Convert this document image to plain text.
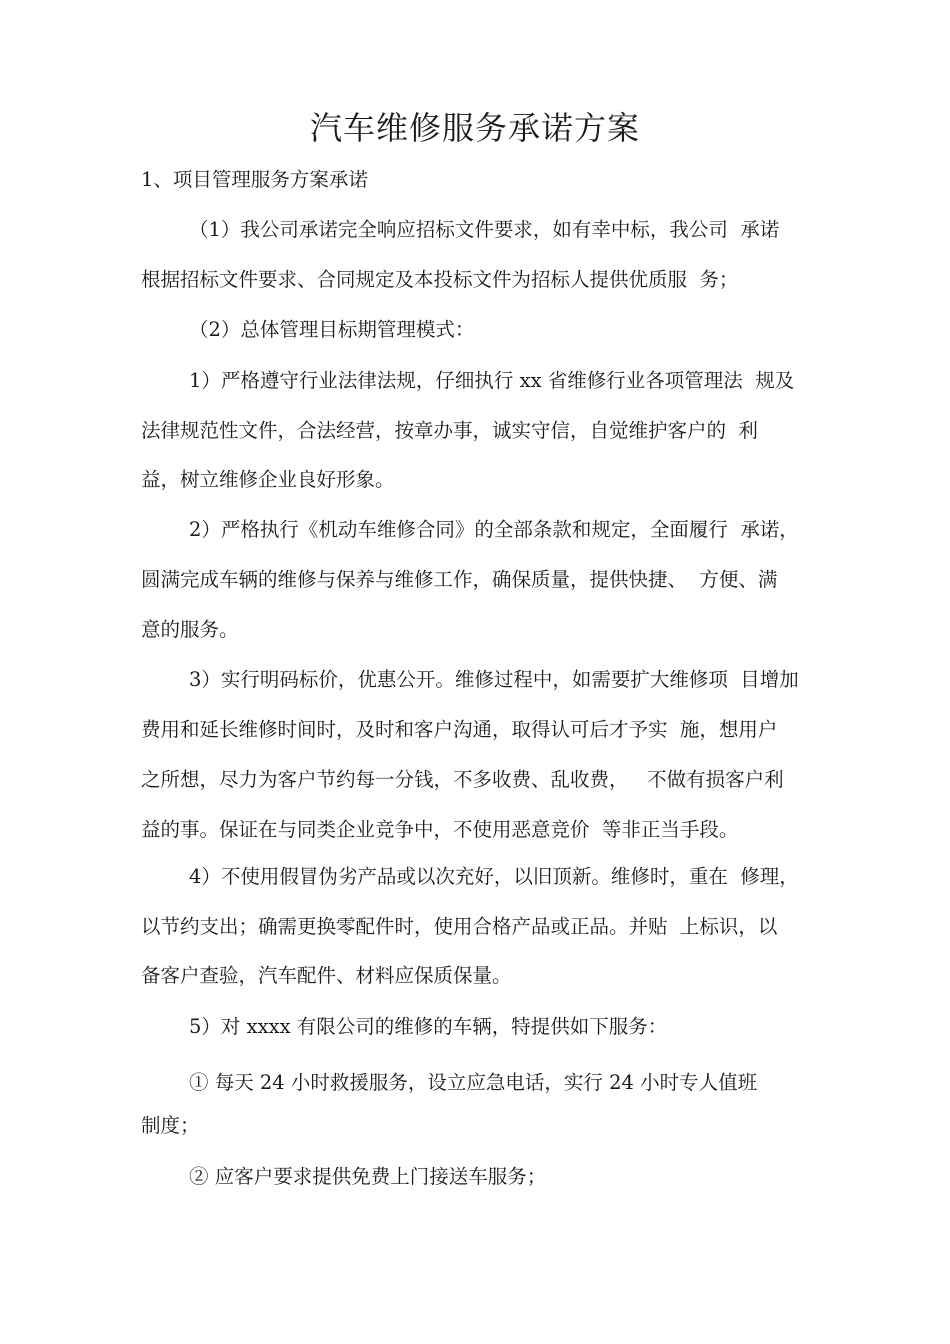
汽车维修服务承诺方案

1、项目管理服务方案承诺

（1）我公司承诺完全响应招标文件要求，如有幸中标，我公司  承诺

根据招标文件要求、合同规定及本投标文件为招标人提供优质服  务；

（2）总体管理目标期管理模式：

1）严格遵守行业法律法规，仔细执行 xx 省维修行业各项管理法  规及

法律规范性文件，合法经营，按章办事，诚实守信，自觉维护客户的  利

益，树立维修企业良好形象。

2）严格执行《机动车维修合同》的全部条款和规定，全面履行  承诺，

圆满完成车辆的维修与保养与维修工作，确保质量，提供快捷、  方便、满

意的服务。

3）实行明码标价，优惠公开。维修过程中，如需要扩大维修项  目增加

费用和延长维修时间时，及时和客户沟通，取得认可后才予实  施，想用户

之所想，尽力为客户节约每一分钱，不多收费、乱收费，   不做有损客户利

益的事。保证在与同类企业竞争中，不使用恶意竞价  等非正当手段。

4）不使用假冒伪劣产品或以次充好，以旧顶新。维修时，重在  修理，

以节约支出；确需更换零配件时，使用合格产品或正品。并贴  上标识，以

备客户查验，汽车配件、材料应保质保量。

5）对 xxxx 有限公司的维修的车辆，特提供如下服务：

① 每天 24 小时救援服务，设立应急电话，实行 24 小时专人值班

制度；

② 应客户要求提供免费上门接送车服务；
